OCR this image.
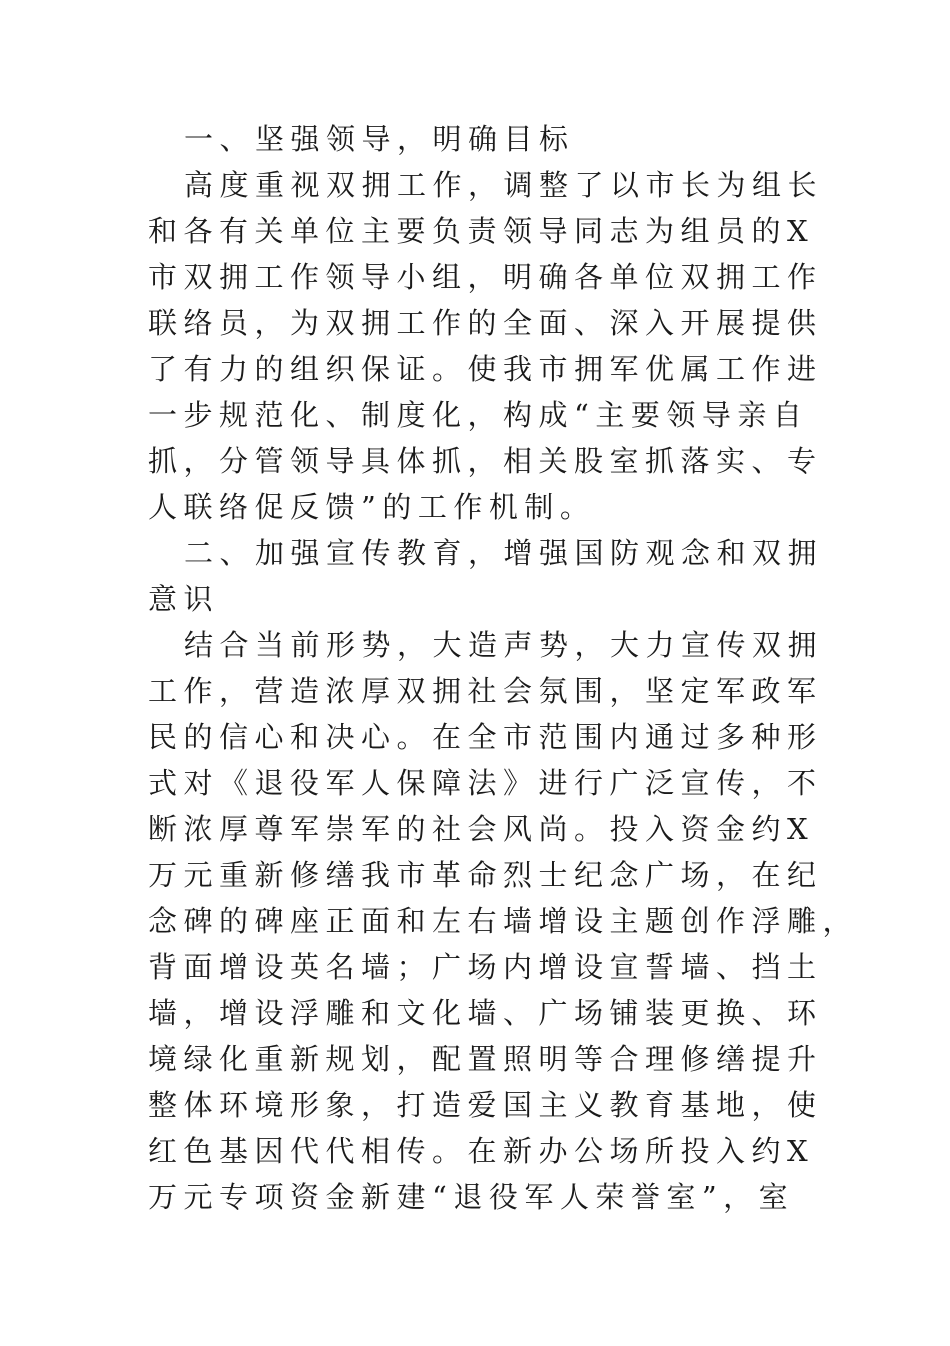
一、坚强领导，明确目标
高度重视双拥工作，调整了以市长为组长
和各有关单位主要负责领导同志为组员的X
市双拥工作领导小组，明确各单位双拥工作
联络员，为双拥工作的全面、深入开展提供
了有力的组织保证。使我市拥军优属工作进
一步规范化、制度化，构成“主要领导亲自
抓，分管领导具体抓，相关股室抓落实、专
人联络促反馈”的工作机制。
二、加强宣传教育，增强国防观念和双拥
意识
结合当前形势，大造声势，大力宣传双拥
工作，营造浓厚双拥社会氛围，坚定军政军
民的信心和决心。在全市范围内通过多种形
式对《退役军人保障法》进行广泛宣传，不
断浓厚尊军崇军的社会风尚。投入资金约X
万元重新修缮我市革命烈士纪念广场，在纪
念碑的碑座正面和左右墙增设主题创作浮雕，
背面增设英名墙；广场内增设宣誓墙、挡土
墙，增设浮雕和文化墙、广场铺装更换、环
境绿化重新规划，配置照明等合理修缮提升
整体环境形象，打造爱国主义教育基地，使
红色基因代代相传。在新办公场所投入约X
万元专项资金新建“退役军人荣誉室”，室
